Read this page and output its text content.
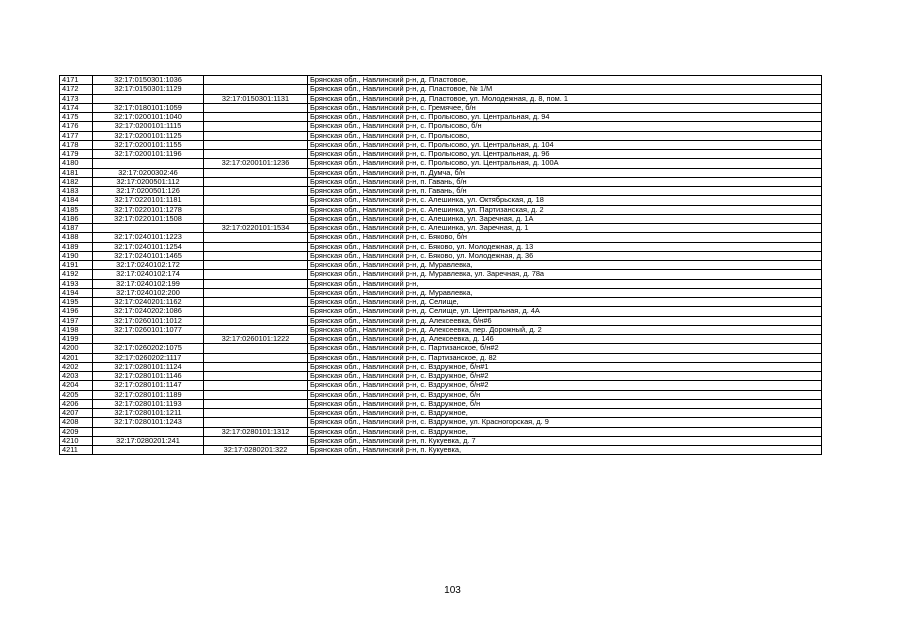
4171	32:17:0150301:1036		Брянская обл., Навлинский р-н, д. Пластовое,
4172	32:17:0150301:1129		Брянская обл., Навлинский р-н, д. Пластовое, № 1/М
4173		32:17:0150301:1131	Брянская обл., Навлинский р-н, д. Пластовое, ул. Молодежная, д. 8, пом. 1
4174	32:17:0180101:1059		Брянская обл., Навлинский р-н, с. Гремячее, б/н
4175	32:17:0200101:1040		Брянская обл., Навлинский р-н, с. Пролысово, ул. Центральная, д. 94
4176	32:17:0200101:1115		Брянская обл., Навлинский р-н, с. Пролысово, б/н
4177	32:17:0200101:1125		Брянская обл., Навлинский р-н, с. Пролысово,
4178	32:17:0200101:1155		Брянская обл., Навлинский р-н, с. Пролысово, ул. Центральная, д. 104
4179	32:17:0200101:1196		Брянская обл., Навлинский р-н, с. Пролысово, ул. Центральная, д. 96
4180		32:17:0200101:1236	Брянская обл., Навлинский р-н, с. Пролысово, ул. Центральная, д. 100А
4181	32:17:0200302:46		Брянская обл., Навлинский р-н, п. Думча, б/н
4182	32:17:0200501:112		Брянская обл., Навлинский р-н, п. Гавань, б/н
4183	32:17:0200501:126		Брянская обл., Навлинский р-н, п. Гавань, б/н
4184	32:17:0220101:1181		Брянская обл., Навлинский р-н, с. Алешинка, ул. Октябрьская, д. 18
4185	32:17:0220101:1278		Брянская обл., Навлинский р-н, с. Алешинка, ул. Партизанская, д. 2
4186	32:17:0220101:1508		Брянская обл., Навлинский р-н, с. Алешинка, ул. Заречная, д. 1А
4187		32:17:0220101:1534	Брянская обл., Навлинский р-н, с. Алешинка, ул. Заречная, д. 1
4188	32:17:0240101:1223		Брянская обл., Навлинский р-н, с. Бяково, б/н
4189	32:17:0240101:1254		Брянская обл., Навлинский р-н, с. Бяково, ул. Молодежная, д. 13
4190	32:17:0240101:1465		Брянская обл., Навлинский р-н, с. Бяково, ул. Молодежная, д. 36
4191	32:17:0240102:172		Брянская обл., Навлинский р-н, д. Муравлевка,
4192	32:17:0240102:174		Брянская обл., Навлинский р-н, д. Муравлевка, ул. Заречная, д. 78а
4193	32:17:0240102:199		Брянская обл., Навлинский р-н,
4194	32:17:0240102:200		Брянская обл., Навлинский р-н, д. Муравлевка,
4195	32:17:0240201:1162		Брянская обл., Навлинский р-н, д. Селище,
4196	32:17:0240202:1086		Брянская обл., Навлинский р-н, д. Селище, ул. Центральная, д. 4А
4197	32:17:0260101:1012		Брянская обл., Навлинский р-н, д. Алексеевка, б/н#6
4198	32:17:0260101:1077		Брянская обл., Навлинский р-н, д. Алексеевка, пер. Дорожный, д. 2
4199		32:17:0260101:1222	Брянская обл., Навлинский р-н, д. Алексеевка, д. 146
4200	32:17:0260202:1075		Брянская обл., Навлинский р-н, с. Партизанское, б/н#2
4201	32:17:0260202:1117		Брянская обл., Навлинский р-н, с. Партизанское, д. 82
4202	32:17:0280101:1124		Брянская обл., Навлинский р-н, с. Вздружное, б/н#1
4203	32:17:0280101:1146		Брянская обл., Навлинский р-н, с. Вздружное, б/н#2
4204	32:17:0280101:1147		Брянская обл., Навлинский р-н, с. Вздружное, б/н#2
4205	32:17:0280101:1189		Брянская обл., Навлинский р-н, с. Вздружное, б/н
4206	32:17:0280101:1193		Брянская обл., Навлинский р-н, с. Вздружное, б/н
4207	32:17:0280101:1211		Брянская обл., Навлинский р-н, с. Вздружное,
4208	32:17:0280101:1243		Брянская обл., Навлинский р-н, с. Вздружное, ул. Красногорская, д. 9
4209		32:17:0280101:1312	Брянская обл., Навлинский р-н, с. Вздружное,
4210	32:17:0280201:241		Брянская обл., Навлинский р-н, п. Кукуевка, д. 7
4211		32:17:0280201:322	Брянская обл., Навлинский р-н, п. Кукуевка,
103
